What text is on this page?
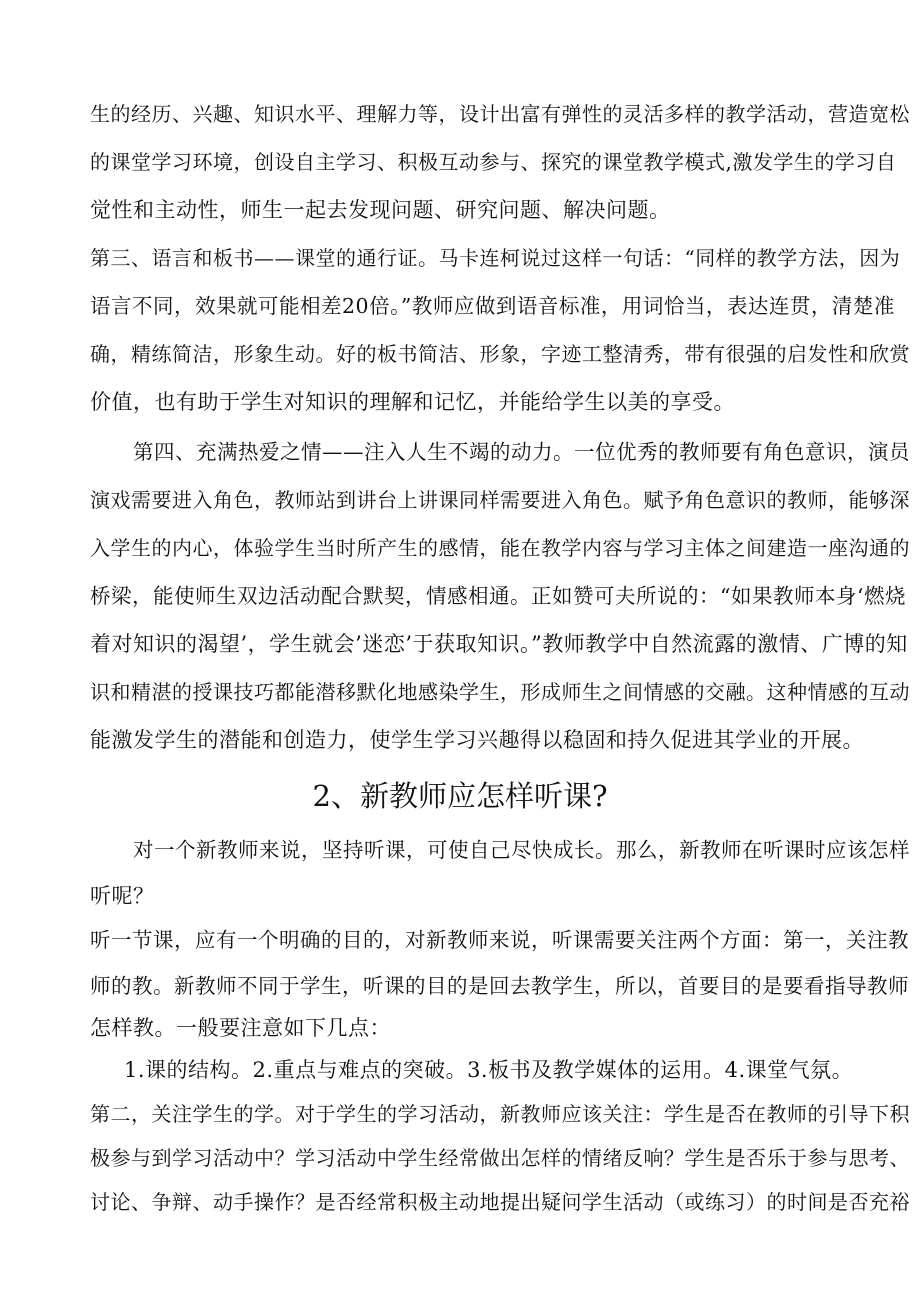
生的经历、兴趣、知识水平、理解力等，设计出富有弹性的灵活多样的教学活动，营造宽松
的课堂学习环境，创设自主学习、积极互动参与、探究的课堂教学模式,激发学生的学习自
觉性和主动性，师生一起去发现问题、研究问题、解决问题。
第三、语言和板书——课堂的通行证。马卡连柯说过这样一句话：“同样的教学方法，因为
语言不同，效果就可能相差20倍。”教师应做到语音标准，用词恰当，表达连贯，清楚准
确，精练简洁，形象生动。好的板书简洁、形象，字迹工整清秀，带有很强的启发性和欣赏
价值，也有助于学生对知识的理解和记忆，并能给学生以美的享受。
第四、充满热爱之情——注入人生不竭的动力。一位优秀的教师要有角色意识，演员
演戏需要进入角色，教师站到讲台上讲课同样需要进入角色。赋予角色意识的教师，能够深
入学生的内心，体验学生当时所产生的感情，能在教学内容与学习主体之间建造一座沟通的
桥梁，能使师生双边活动配合默契，情感相通。正如赞可夫所说的：“如果教师本身‘燃烧
着对知识的渴望’，学生就会’迷恋’于获取知识。”教师教学中自然流露的激情、广博的知
识和精湛的授课技巧都能潜移默化地感染学生，形成师生之间情感的交融。这种情感的互动
能激发学生的潜能和创造力，使学生学习兴趣得以稳固和持久促进其学业的开展。
2、新教师应怎样听课?
对一个新教师来说，坚持听课，可使自己尽快成长。那么，新教师在听课时应该怎样
听呢？
听一节课，应有一个明确的目的，对新教师来说，听课需要关注两个方面：第一，关注教
师的教。新教师不同于学生，听课的目的是回去教学生，所以，首要目的是要看指导教师
怎样教。一般要注意如下几点：
1.课的结构。2.重点与难点的突破。3.板书及教学媒体的运用。4.课堂气氛。
第二，关注学生的学。对于学生的学习活动，新教师应该关注：学生是否在教师的引导下积
极参与到学习活动中？学习活动中学生经常做出怎样的情绪反响？学生是否乐于参与思考、
讨论、争辩、动手操作？是否经常积极主动地提出疑问学生活动（或练习）的时间是否充裕
